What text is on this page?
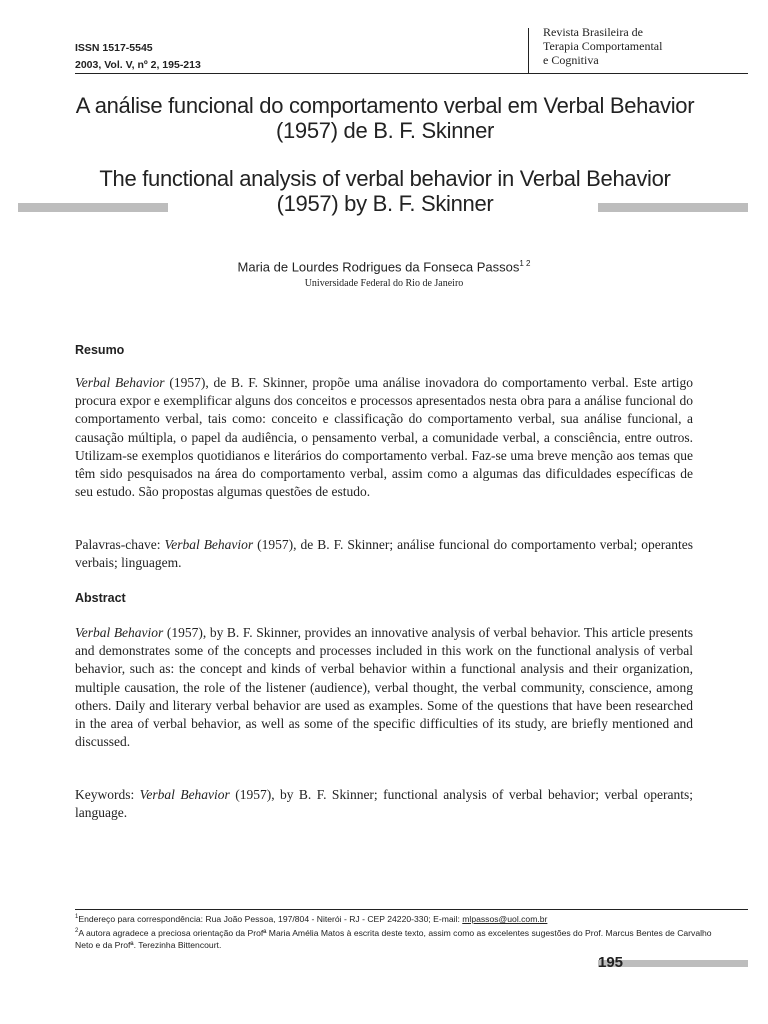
ISSN 1517-5545
2003, Vol. V, nº 2, 195-213
Revista Brasileira de
Terapia Comportamental
e Cognitiva
A análise funcional do comportamento verbal em Verbal Behavior
(1957) de B. F. Skinner
The functional analysis of verbal behavior in Verbal Behavior
(1957) by B. F. Skinner
Maria de Lourdes Rodrigues da Fonseca Passos$^{1 2}$
Universidade Federal do Rio de Janeiro
Resumo
Verbal Behavior (1957), de B. F. Skinner, propõe uma análise inovadora do comportamento verbal. Este artigo procura expor e exemplificar alguns dos conceitos e processos apresentados nesta obra para a análise funcional do comportamento verbal, tais como: conceito e classificação do comportamento verbal, sua análise funcional, a causação múltipla, o papel da audiência, o pensamento verbal, a comunidade verbal, a consciência, entre outros. Utilizam-se exemplos quotidianos e literários do comportamento verbal. Faz-se uma breve menção aos temas que têm sido pesquisados na área do comportamento verbal, assim como a algumas das dificuldades específicas de seu estudo. São propostas algumas questões de estudo.
Palavras-chave: Verbal Behavior (1957), de B. F. Skinner; análise funcional do comportamento verbal; operantes verbais; linguagem.
Abstract
Verbal Behavior (1957), by B. F. Skinner, provides an innovative analysis of verbal behavior. This article presents and demonstrates some of the concepts and processes included in this work on the functional analysis of verbal behavior, such as: the concept and kinds of verbal behavior within a functional analysis and their organization, multiple causation, the role of the listener (audience), verbal thought, the verbal community, conscience, among others. Daily and literary verbal behavior are used as examples. Some of the questions that have been researched in the area of verbal behavior, as well as some of the specific difficulties of its study, are briefly mentioned and discussed.
Keywords: Verbal Behavior (1957), by B. F. Skinner; functional analysis of verbal behavior; verbal operants; language.
$^1$Endereço para correspondência: Rua João Pessoa, 197/804 - Niterói - RJ - CEP 24220-330; E-mail: mlpassos@uol.com.br
$^2$A autora agradece a preciosa orientação da Profª Maria Amélia Matos à escrita deste texto, assim como as excelentes sugestões do Prof. Marcus Bentes de Carvalho Neto e da Profª. Terezinha Bittencourt.
195
